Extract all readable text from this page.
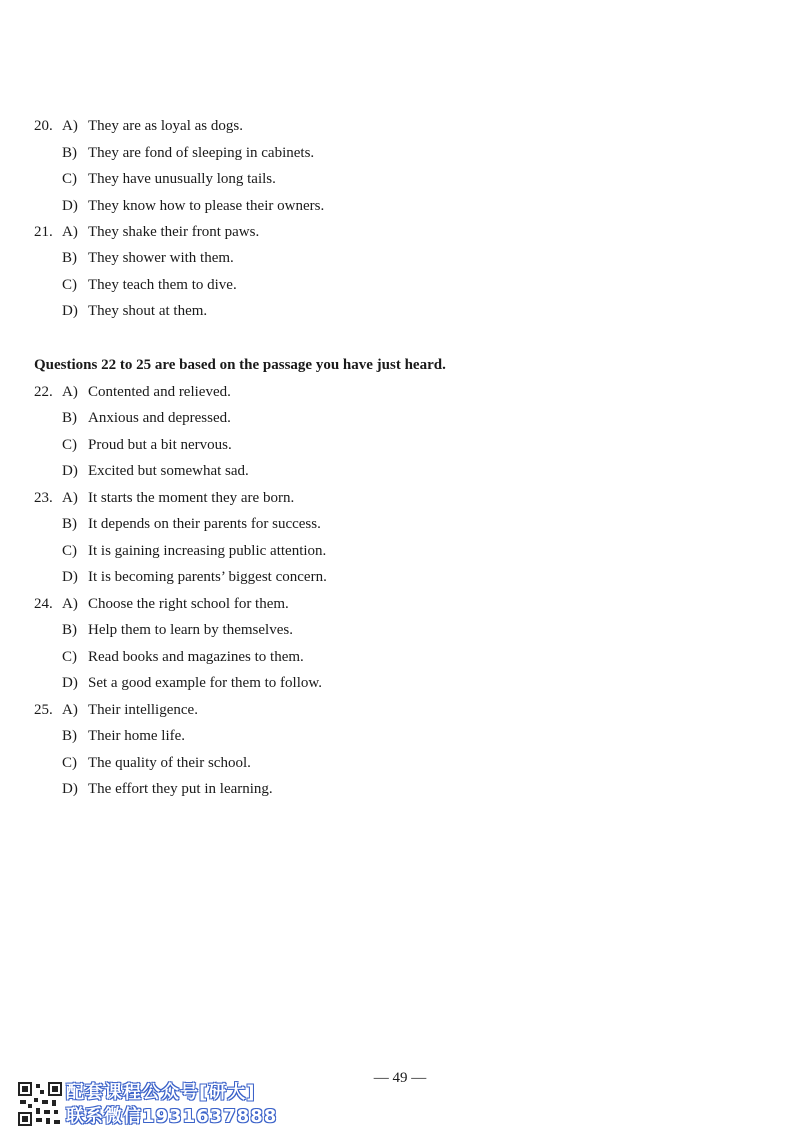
20. A) They are as loyal as dogs.
B) They are fond of sleeping in cabinets.
C) They have unusually long tails.
D) They know how to please their owners.
21. A) They shake their front paws.
B) They shower with them.
C) They teach them to dive.
D) They shout at them.
Questions 22 to 25 are based on the passage you have just heard.
22. A) Contented and relieved.
B) Anxious and depressed.
C) Proud but a bit nervous.
D) Excited but somewhat sad.
23. A) It starts the moment they are born.
B) It depends on their parents for success.
C) It is gaining increasing public attention.
D) It is becoming parents’ biggest concern.
24. A) Choose the right school for them.
B) Help them to learn by themselves.
C) Read books and magazines to them.
D) Set a good example for them to follow.
25. A) Their intelligence.
B) Their home life.
C) The quality of their school.
D) The effort they put in learning.
— 49 —
配套课程公众号[研大]
联系微信1931637888
